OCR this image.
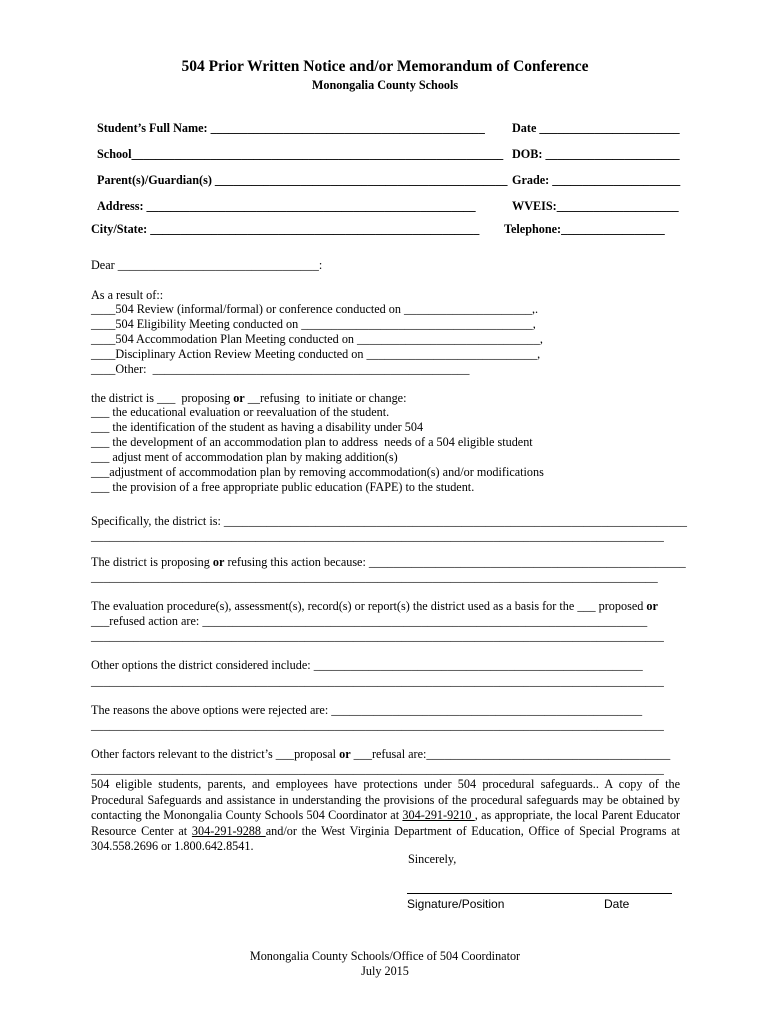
504 Prior Written Notice and/or Memorandum of Conference
Monongalia County Schools
Student’s Full Name: _____________________________________________ Date _______________________
School_____________________________________________________________ DOB: ______________________
Parent(s)/Guardian(s) ________________________________________________ Grade: _____________________
Address: ______________________________________________________	WVEIS:____________________
City/State: ______________________________________________________ Telephone:_________________
Dear _________________________________:
As a result of::
____504 Review (informal/formal) or conference conducted on _____________________,.
____504 Eligibility Meeting conducted on ______________________________________,
____504 Accommodation Plan Meeting conducted on ______________________________,
____Disciplinary Action Review Meeting conducted on ____________________________,
____Other:  ____________________________________________________
the district is ___  proposing or __refusing  to initiate or change:
___ the educational evaluation or reevaluation of the student.
___ the identification of the student as having a disability under 504
___ the development of an accommodation plan to address  needs of a 504 eligible student
___ adjust ment of accommodation plan by making addition(s)
___adjustment of accommodation plan by removing accommodation(s) and/or modifications
___ the provision of a free appropriate public education (FAPE) to the student.
Specifically, the district is: ____________________________________________________________________________
______________________________________________________________________________________________
The district is proposing or refusing this action because: ____________________________________________________
_____________________________________________________________________________________________
The evaluation procedure(s), assessment(s), record(s) or report(s) the district used as a basis for the ___ proposed or
___refused action are: _________________________________________________________________________
______________________________________________________________________________________________
Other options the district considered include: ______________________________________________________
______________________________________________________________________________________________
The reasons the above options were rejected are: ___________________________________________________
______________________________________________________________________________________________
Other factors relevant to the district’s ___proposal or ___refusal are:________________________________________
______________________________________________________________________________________________
504 eligible students, parents, and employees have protections under 504 procedural safeguards.. A copy of the Procedural Safeguards and assistance in understanding the provisions of the procedural safeguards may be obtained by contacting the Monongalia County Schools 504 Coordinator at 304-291-9210 , as appropriate, the local Parent Educator Resource Center at 304-291-9288 and/or the West Virginia Department of Education, Office of Special Programs at 304.558.2696 or 1.800.642.8541.
Sincerely,
Signature/Position	Date
Monongalia County Schools/Office of 504 Coordinator
July 2015
